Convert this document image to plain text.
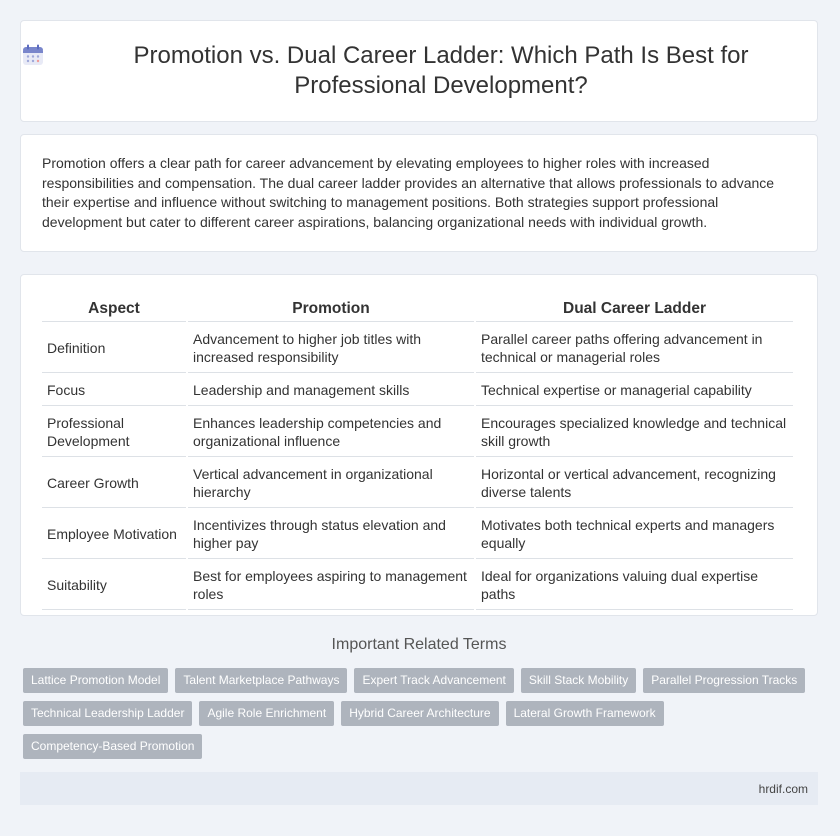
Promotion vs. Dual Career Ladder: Which Path Is Best for Professional Development?

Promotion offers a clear path for career advancement by elevating employees to higher roles with increased responsibilities and compensation. The dual career ladder provides an alternative that allows professionals to advance their expertise and influence without switching to management positions. Both strategies support professional development but cater to different career aspirations, balancing organizational needs with individual growth.

Aspect	Promotion	Dual Career Ladder
Definition	Advancement to higher job titles with increased responsibility	Parallel career paths offering advancement in technical or managerial roles
Focus	Leadership and management skills	Technical expertise or managerial capability
Professional Development	Enhances leadership competencies and organizational influence	Encourages specialized knowledge and technical skill growth
Career Growth	Vertical advancement in organizational hierarchy	Horizontal or vertical advancement, recognizing diverse talents
Employee Motivation	Incentivizes through status elevation and higher pay	Motivates both technical experts and managers equally
Suitability	Best for employees aspiring to management roles	Ideal for organizations valuing dual expertise paths
Important Related Terms
Lattice Promotion Model	Talent Marketplace Pathways	Expert Track Advancement	Skill Stack Mobility	Parallel Progression Tracks
Technical Leadership Ladder	Agile Role Enrichment	Hybrid Career Architecture	Lateral Growth Framework
Competency-Based Promotion
hrdif.com
